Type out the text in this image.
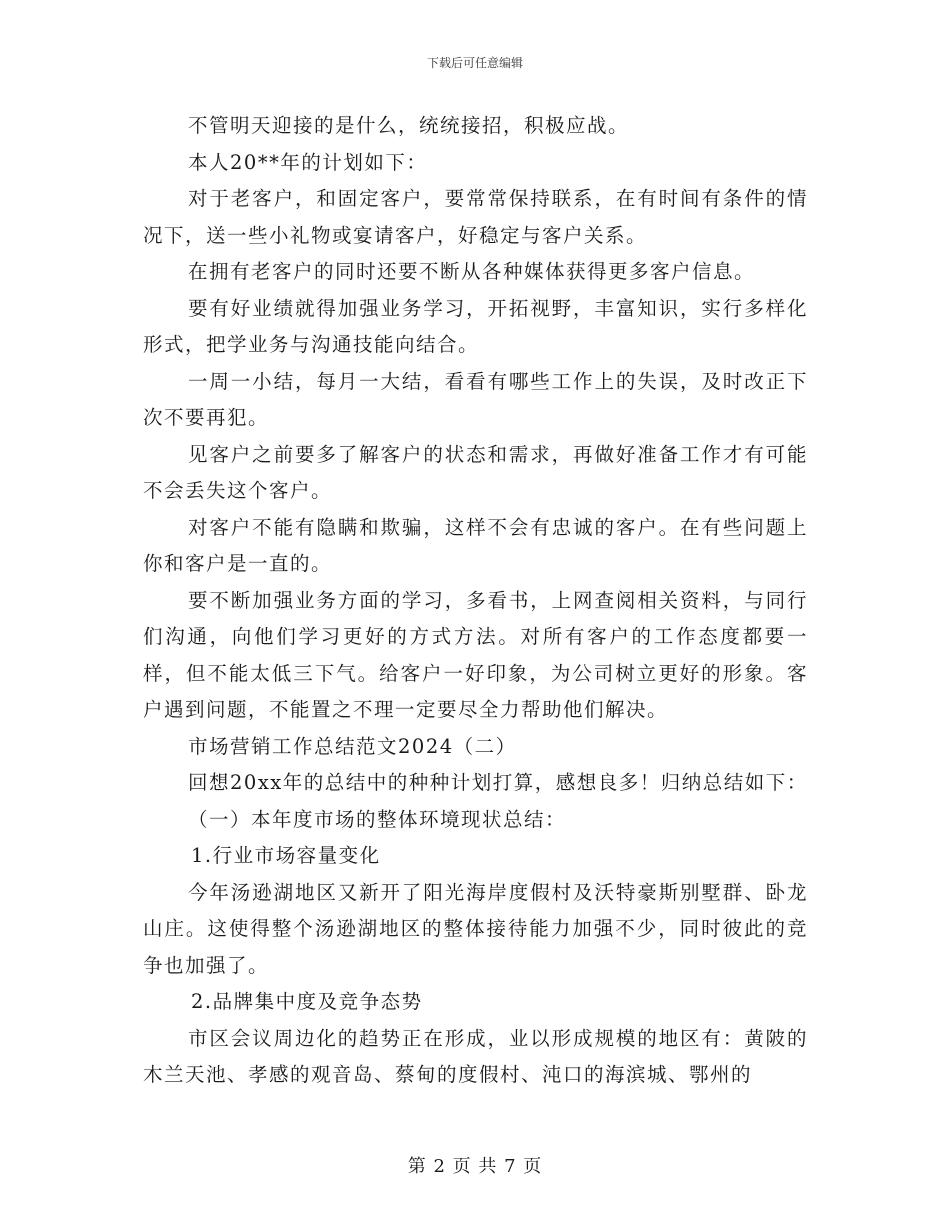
下载后可任意编辑

不管明天迎接的是什么，统统接招，积极应战。

本人20**年的计划如下：

对于老客户，和固定客户，要常常保持联系，在有时间有条件的情况下，送一些小礼物或宴请客户，好稳定与客户关系。

在拥有老客户的同时还要不断从各种媒体获得更多客户信息。

要有好业绩就得加强业务学习，开拓视野，丰富知识，实行多样化形式，把学业务与沟通技能向结合。

一周一小结，每月一大结，看看有哪些工作上的失误，及时改正下次不要再犯。

见客户之前要多了解客户的状态和需求，再做好准备工作才有可能不会丢失这个客户。

对客户不能有隐瞒和欺骗，这样不会有忠诚的客户。在有些问题上你和客户是一直的。

要不断加强业务方面的学习，多看书，上网查阅相关资料，与同行们沟通，向他们学习更好的方式方法。对所有客户的工作态度都要一样，但不能太低三下气。给客户一好印象，为公司树立更好的形象。客户遇到问题，不能置之不理一定要尽全力帮助他们解决。

市场营销工作总结范文2024（二）

回想20xx年的总结中的种种计划打算，感想良多！归纳总结如下：

（一）本年度市场的整体环境现状总结：

1.行业市场容量变化

今年汤逊湖地区又新开了阳光海岸度假村及沃特豪斯别墅群、卧龙山庄。这使得整个汤逊湖地区的整体接待能力加强不少，同时彼此的竞争也加强了。

2.品牌集中度及竞争态势

市区会议周边化的趋势正在形成，业以形成规模的地区有：黄陂的木兰天池、孝感的观音岛、蔡甸的度假村、沌口的海滨城、鄂州的

第 2 页 共 7 页
